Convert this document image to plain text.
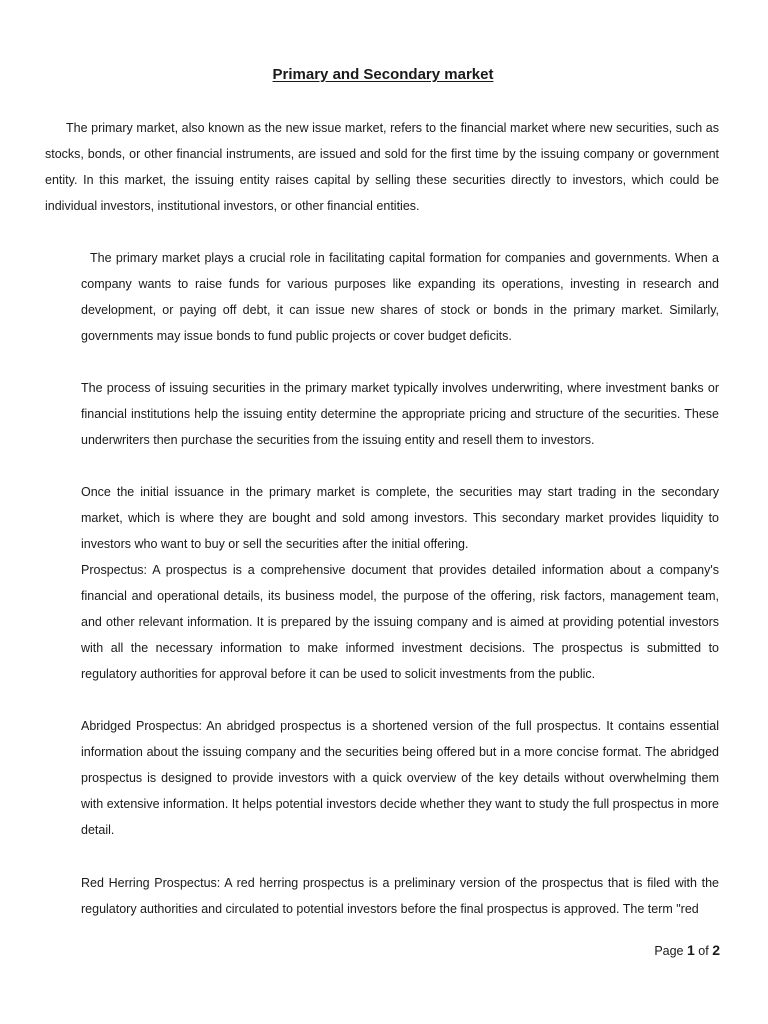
Primary and Secondary market

The primary market, also known as the new issue market, refers to the financial market where new securities, such as stocks, bonds, or other financial instruments, are issued and sold for the first time by the issuing company or government entity. In this market, the issuing entity raises capital by selling these securities directly to investors, which could be individual investors, institutional investors, or other financial entities.

The primary market plays a crucial role in facilitating capital formation for companies and governments. When a company wants to raise funds for various purposes like expanding its operations, investing in research and development, or paying off debt, it can issue new shares of stock or bonds in the primary market. Similarly, governments may issue bonds to fund public projects or cover budget deficits.

The process of issuing securities in the primary market typically involves underwriting, where investment banks or financial institutions help the issuing entity determine the appropriate pricing and structure of the securities. These underwriters then purchase the securities from the issuing entity and resell them to investors.

Once the initial issuance in the primary market is complete, the securities may start trading in the secondary market, which is where they are bought and sold among investors. This secondary market provides liquidity to investors who want to buy or sell the securities after the initial offering.

Prospectus: A prospectus is a comprehensive document that provides detailed information about a company's financial and operational details, its business model, the purpose of the offering, risk factors, management team, and other relevant information. It is prepared by the issuing company and is aimed at providing potential investors with all the necessary information to make informed investment decisions. The prospectus is submitted to regulatory authorities for approval before it can be used to solicit investments from the public.

Abridged Prospectus: An abridged prospectus is a shortened version of the full prospectus. It contains essential information about the issuing company and the securities being offered but in a more concise format. The abridged prospectus is designed to provide investors with a quick overview of the key details without overwhelming them with extensive information. It helps potential investors decide whether they want to study the full prospectus in more detail.

Red Herring Prospectus: A red herring prospectus is a preliminary version of the prospectus that is filed with the regulatory authorities and circulated to potential investors before the final prospectus is approved. The term "red

Page 1 of 2
